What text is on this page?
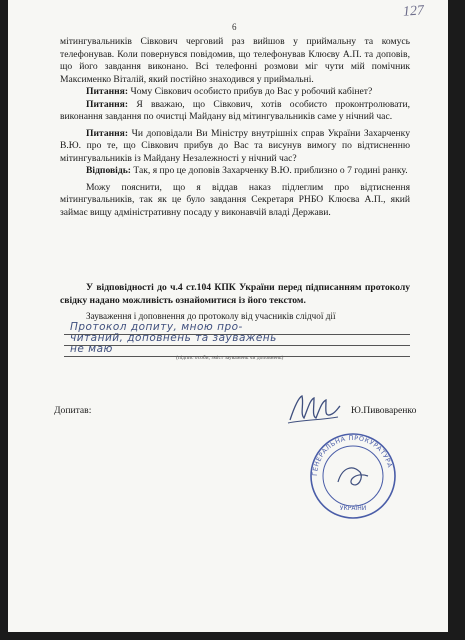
6
127

мітингувальників Сівкович черговий раз вийшов у приймальну та комусь телефонував. Коли повернувся повідомив, що телефонував Клюєву А.П. та доповів, що його завдання виконано. Всі телефонні розмови міг чути мій помічник Максименко Віталій, який постійно знаходився у приймальні.

Питання: Чому Сівкович особисто прибув до Вас у робочий кабінет?

Питання: Я вважаю, що Сівкович, хотів особисто проконтролювати, виконання завдання по очистці Майдану від мітингувальників саме у нічний час.

Питання: Чи доповідали Ви Міністру внутрішніх справ України Захарченку В.Ю. про те, що Сівкович прибув до Вас та висунув вимогу по відтисненню мітингувальників із Майдану Незалежності у нічний час?

Відповідь: Так, я про це доповів Захарченку В.Ю. приблизно о 7 годині ранку.

Можу пояснити, що я віддав наказ підлеглим про відтиснення мітингувальників, так як це було завдання Секретаря РНБО Клюєва А.П., який займає вищу адміністративну посаду у виконавчій владі Держави.

У відповідності до ч.4 ст.104 КПК України перед підписанням протоколу свідку надано можливість ознайомитися із його текстом.

Зауваження і доповнення до протоколу від учасників слідчої дії
Протокол допиту, мною про-
читаний, доповнень та зауважень
не маю
(підпис особи, зміст зауважень чи доповнень)
Допитав:	Ю.Пивоваренко
ГЕНЕРАЛЬНА ПРОКУРАТУРА
УКРАЇНИ
